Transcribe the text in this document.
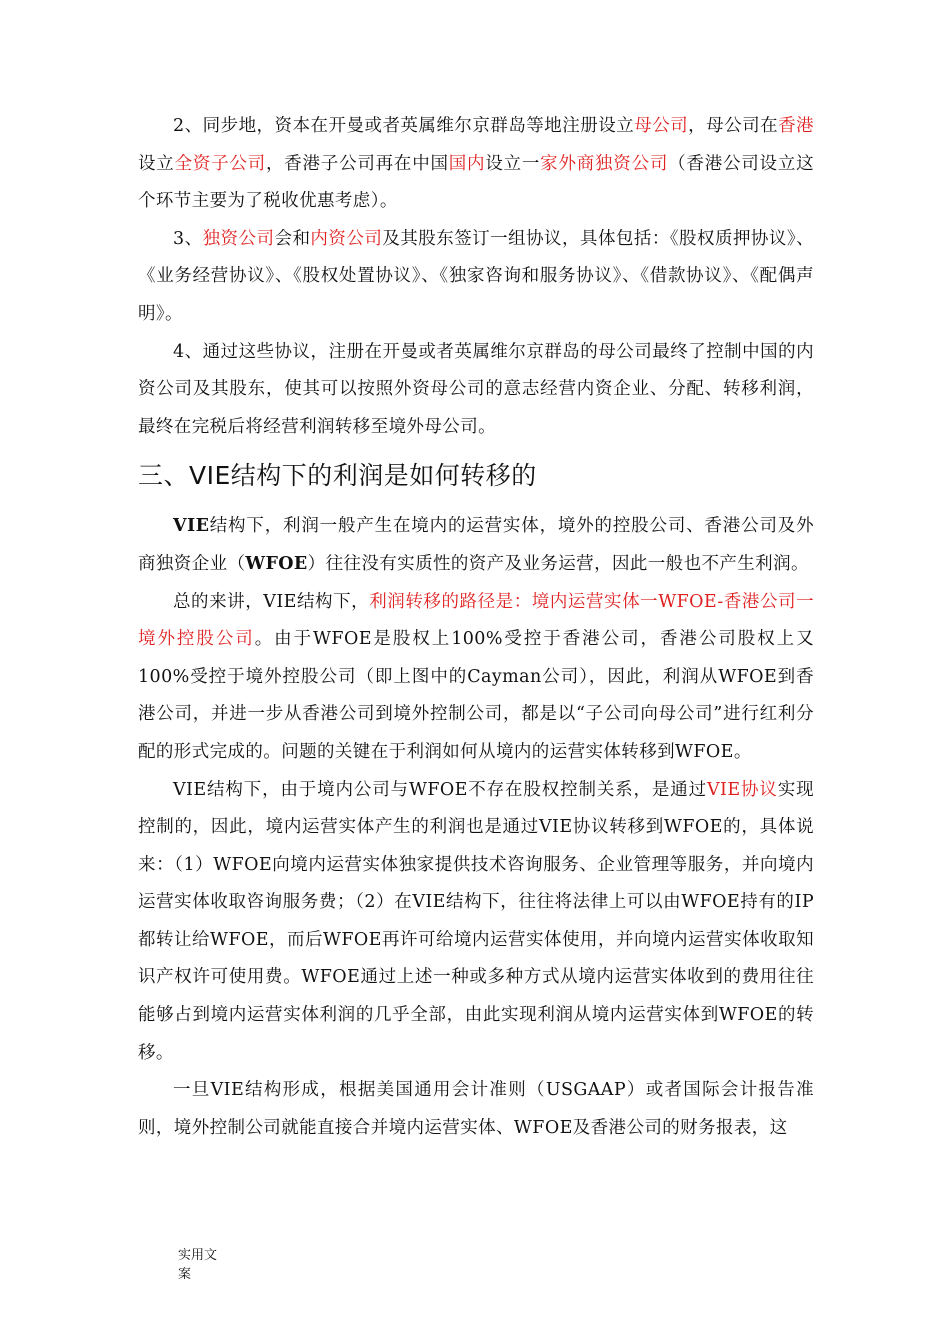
2、同步地，资本在开曼或者英属维尔京群岛等地注册设立母公司，母公司在香港设立全资子公司，香港子公司再在中国国内设立一家外商独资公司（香港公司设立这个环节主要为了税收优惠考虑）。

3、独资公司会和内资公司及其股东签订一组协议，具体包括：《股权质押协议》、《业务经营协议》、《股权处置协议》、《独家咨询和服务协议》、《借款协议》、《配偶声明》。

4、通过这些协议，注册在开曼或者英属维尔京群岛的母公司最终了控制中国的内资公司及其股东，使其可以按照外资母公司的意志经营内资企业、分配、转移利润，最终在完税后将经营利润转移至境外母公司。

三、VIE结构下的利润是如何转移的

VIE结构下，利润一般产生在境内的运营实体，境外的控股公司、香港公司及外商独资企业（WFOE）往往没有实质性的资产及业务运营，因此一般也不产生利润。

总的来讲，VIE结构下，利润转移的路径是：境内运营实体一WFOE-香港公司一境外控股公司。由于WFOE是股权上100%受控于香港公司，香港公司股权上又100%受控于境外控股公司（即上图中的Cayman公司），因此，利润从WFOE到香港公司，并进一步从香港公司到境外控制公司，都是以“子公司向母公司”进行红利分配的形式完成的。问题的关键在于利润如何从境内的运营实体转移到WFOE。

VIE结构下，由于境内公司与WFOE不存在股权控制关系，是通过VIE协议实现控制的，因此，境内运营实体产生的利润也是通过VIE协议转移到WFOE的，具体说来：（1）WFOE向境内运营实体独家提供技术咨询服务、企业管理等服务，并向境内运营实体收取咨询服务费；（2）在VIE结构下，往往将法律上可以由WFOE持有的IP都转让给WFOE，而后WFOE再许可给境内运营实体使用，并向境内运营实体收取知识产权许可使用费。WFOE通过上述一种或多种方式从境内运营实体收到的费用往往能够占到境内运营实体利润的几乎全部，由此实现利润从境内运营实体到WFOE的转移。

一旦VIE结构形成，根据美国通用会计准则（USGAAP）或者国际会计报告准则，境外控制公司就能直接合并境内运营实体、WFOE及香港公司的财务报表，这

实用文
案
